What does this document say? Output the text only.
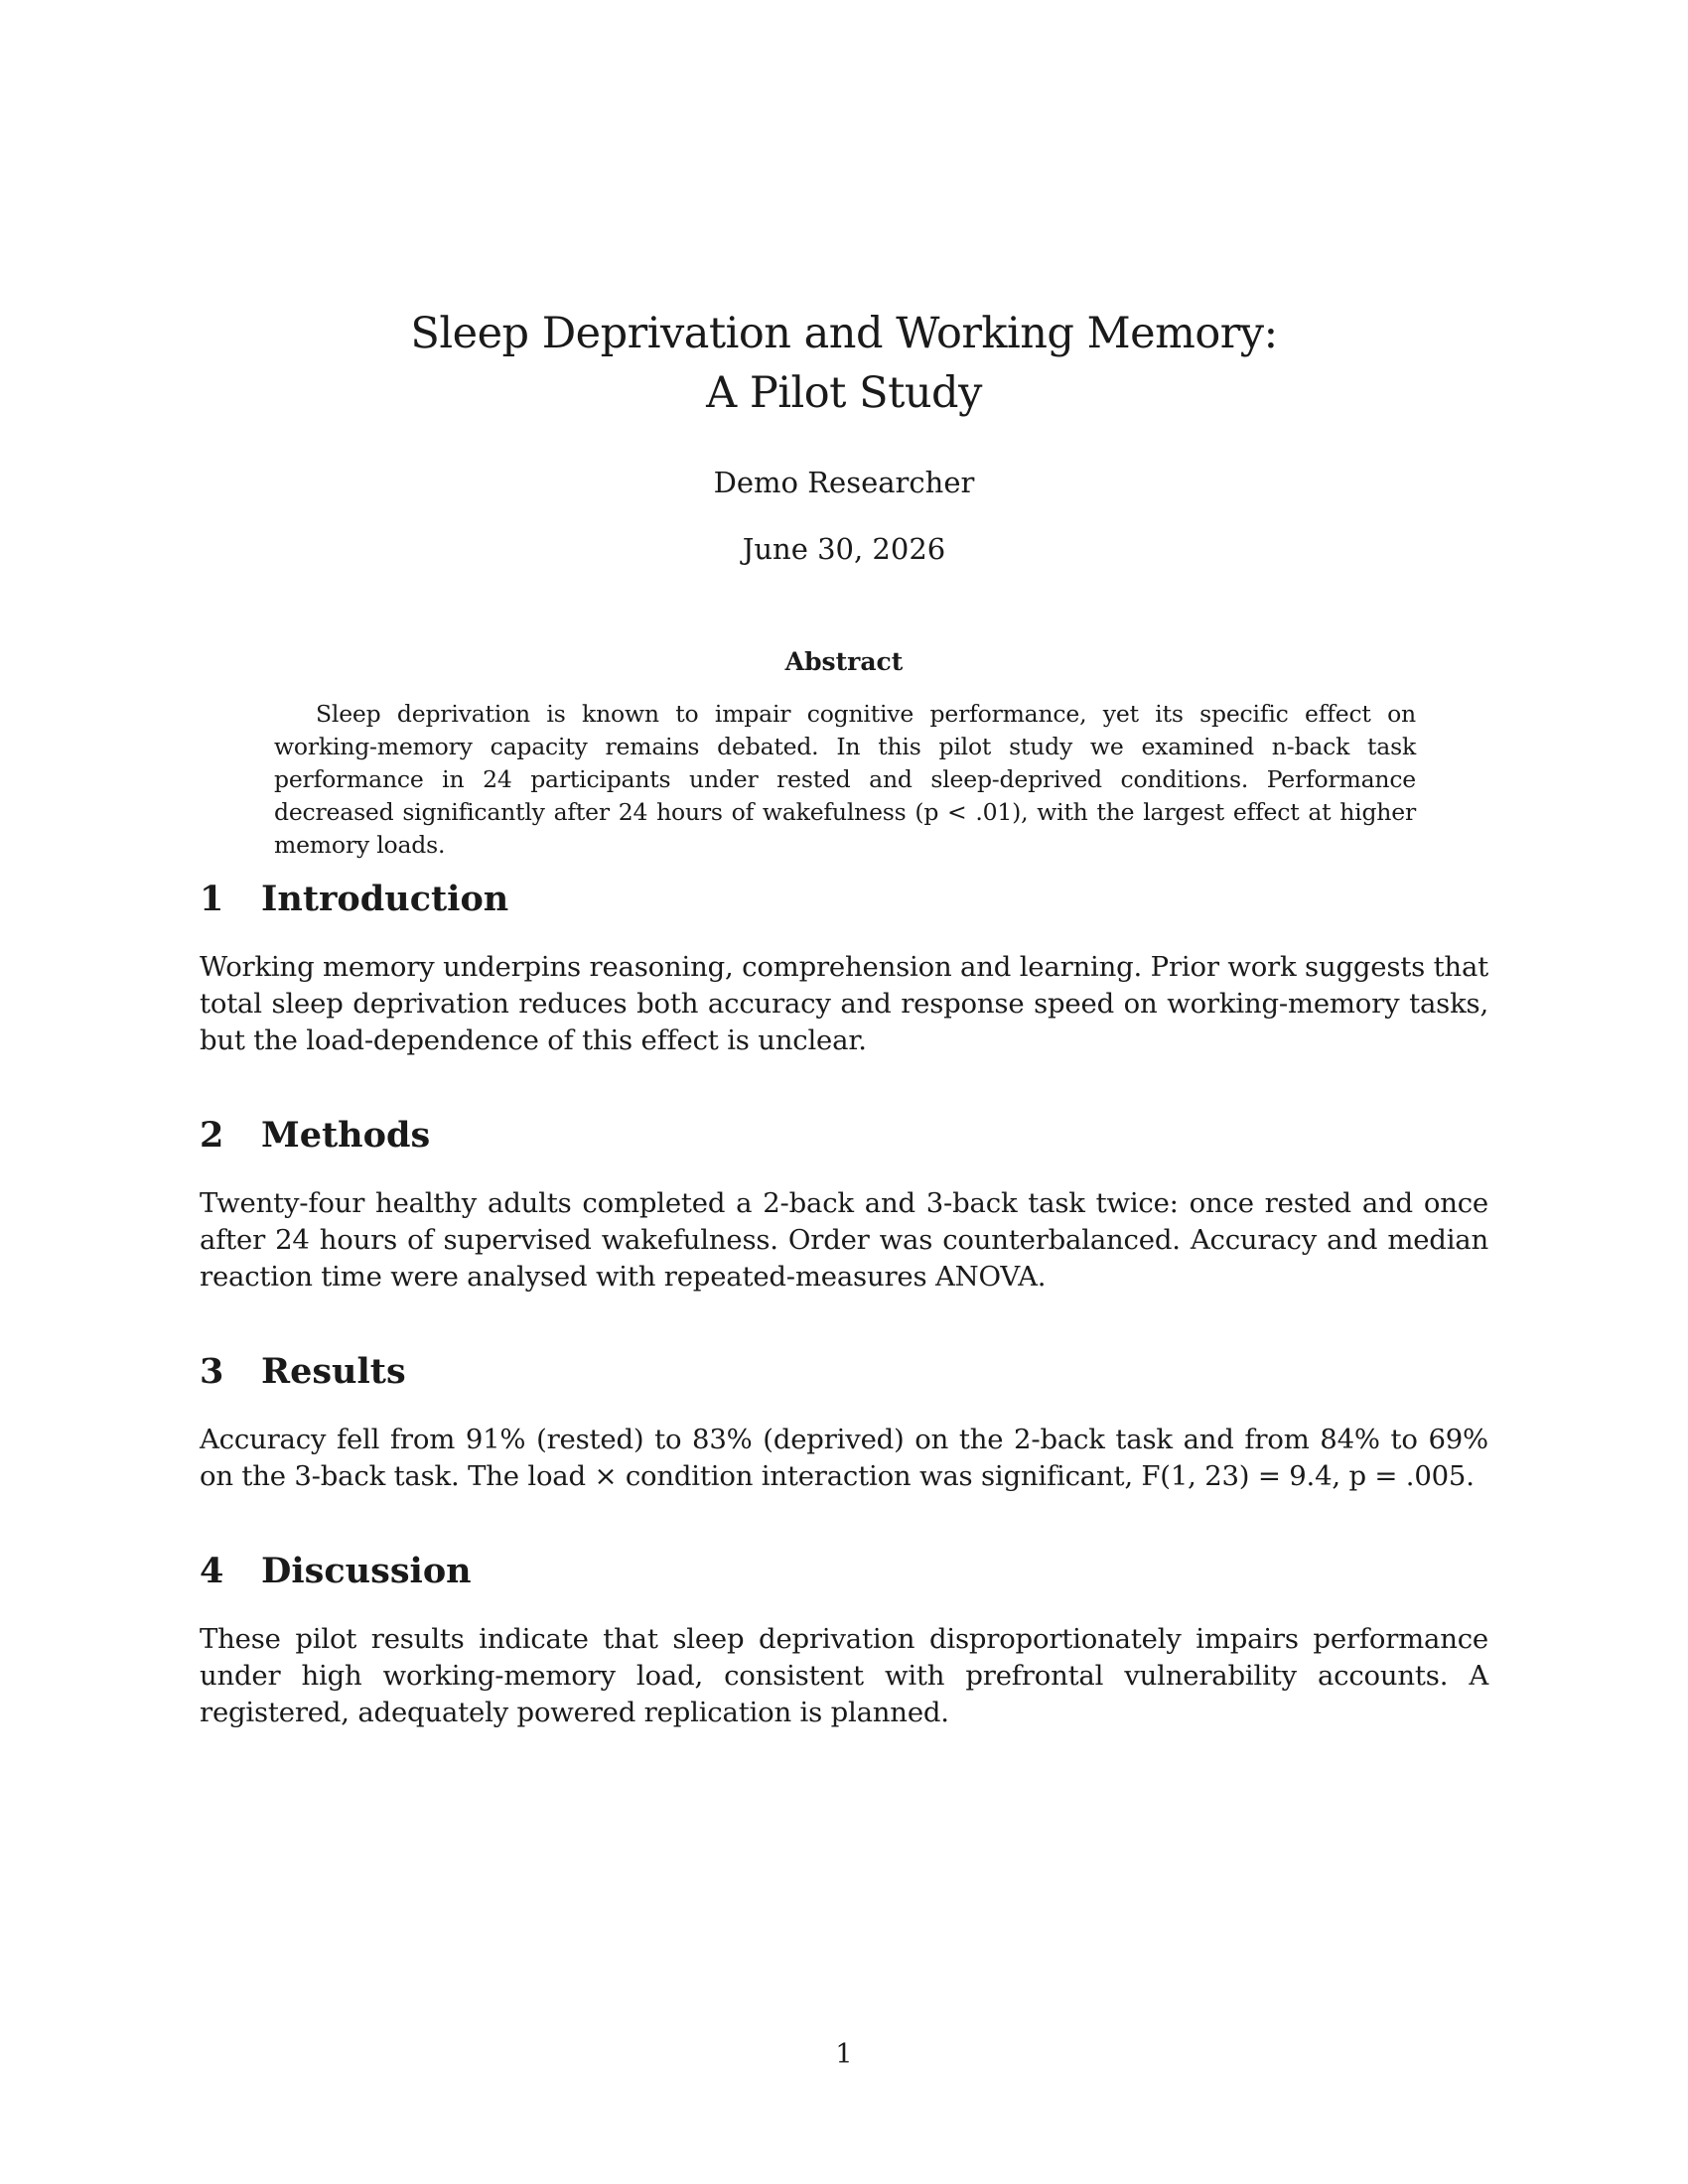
Sleep Deprivation and Working Memory:
A Pilot Study
Demo Researcher
June 30, 2026
Abstract

Sleep deprivation is known to impair cognitive performance, yet its specific effect on working-memory capacity remains debated. In this pilot study we examined n-back task performance in 24 participants under rested and sleep-deprived conditions. Performance decreased significantly after 24 hours of wakefulness (p < .01), with the largest effect at higher memory loads.

1	Introduction

Working memory underpins reasoning, comprehension and learning. Prior work suggests that total sleep deprivation reduces both accuracy and response speed on working-memory tasks, but the load-dependence of this effect is unclear.

2	Methods

Twenty-four healthy adults completed a 2-back and 3-back task twice: once rested and once after 24 hours of supervised wakefulness. Order was counterbalanced. Accuracy and median reaction time were analysed with repeated-measures ANOVA.

3	Results

Accuracy fell from 91% (rested) to 83% (deprived) on the 2-back task and from 84% to 69% on the 3-back task. The load × condition interaction was significant, F(1, 23) = 9.4, p = .005.

4	Discussion

These pilot results indicate that sleep deprivation disproportionately impairs performance under high working-memory load, consistent with prefrontal vulnerability accounts. A registered, adequately powered replication is planned.

1
